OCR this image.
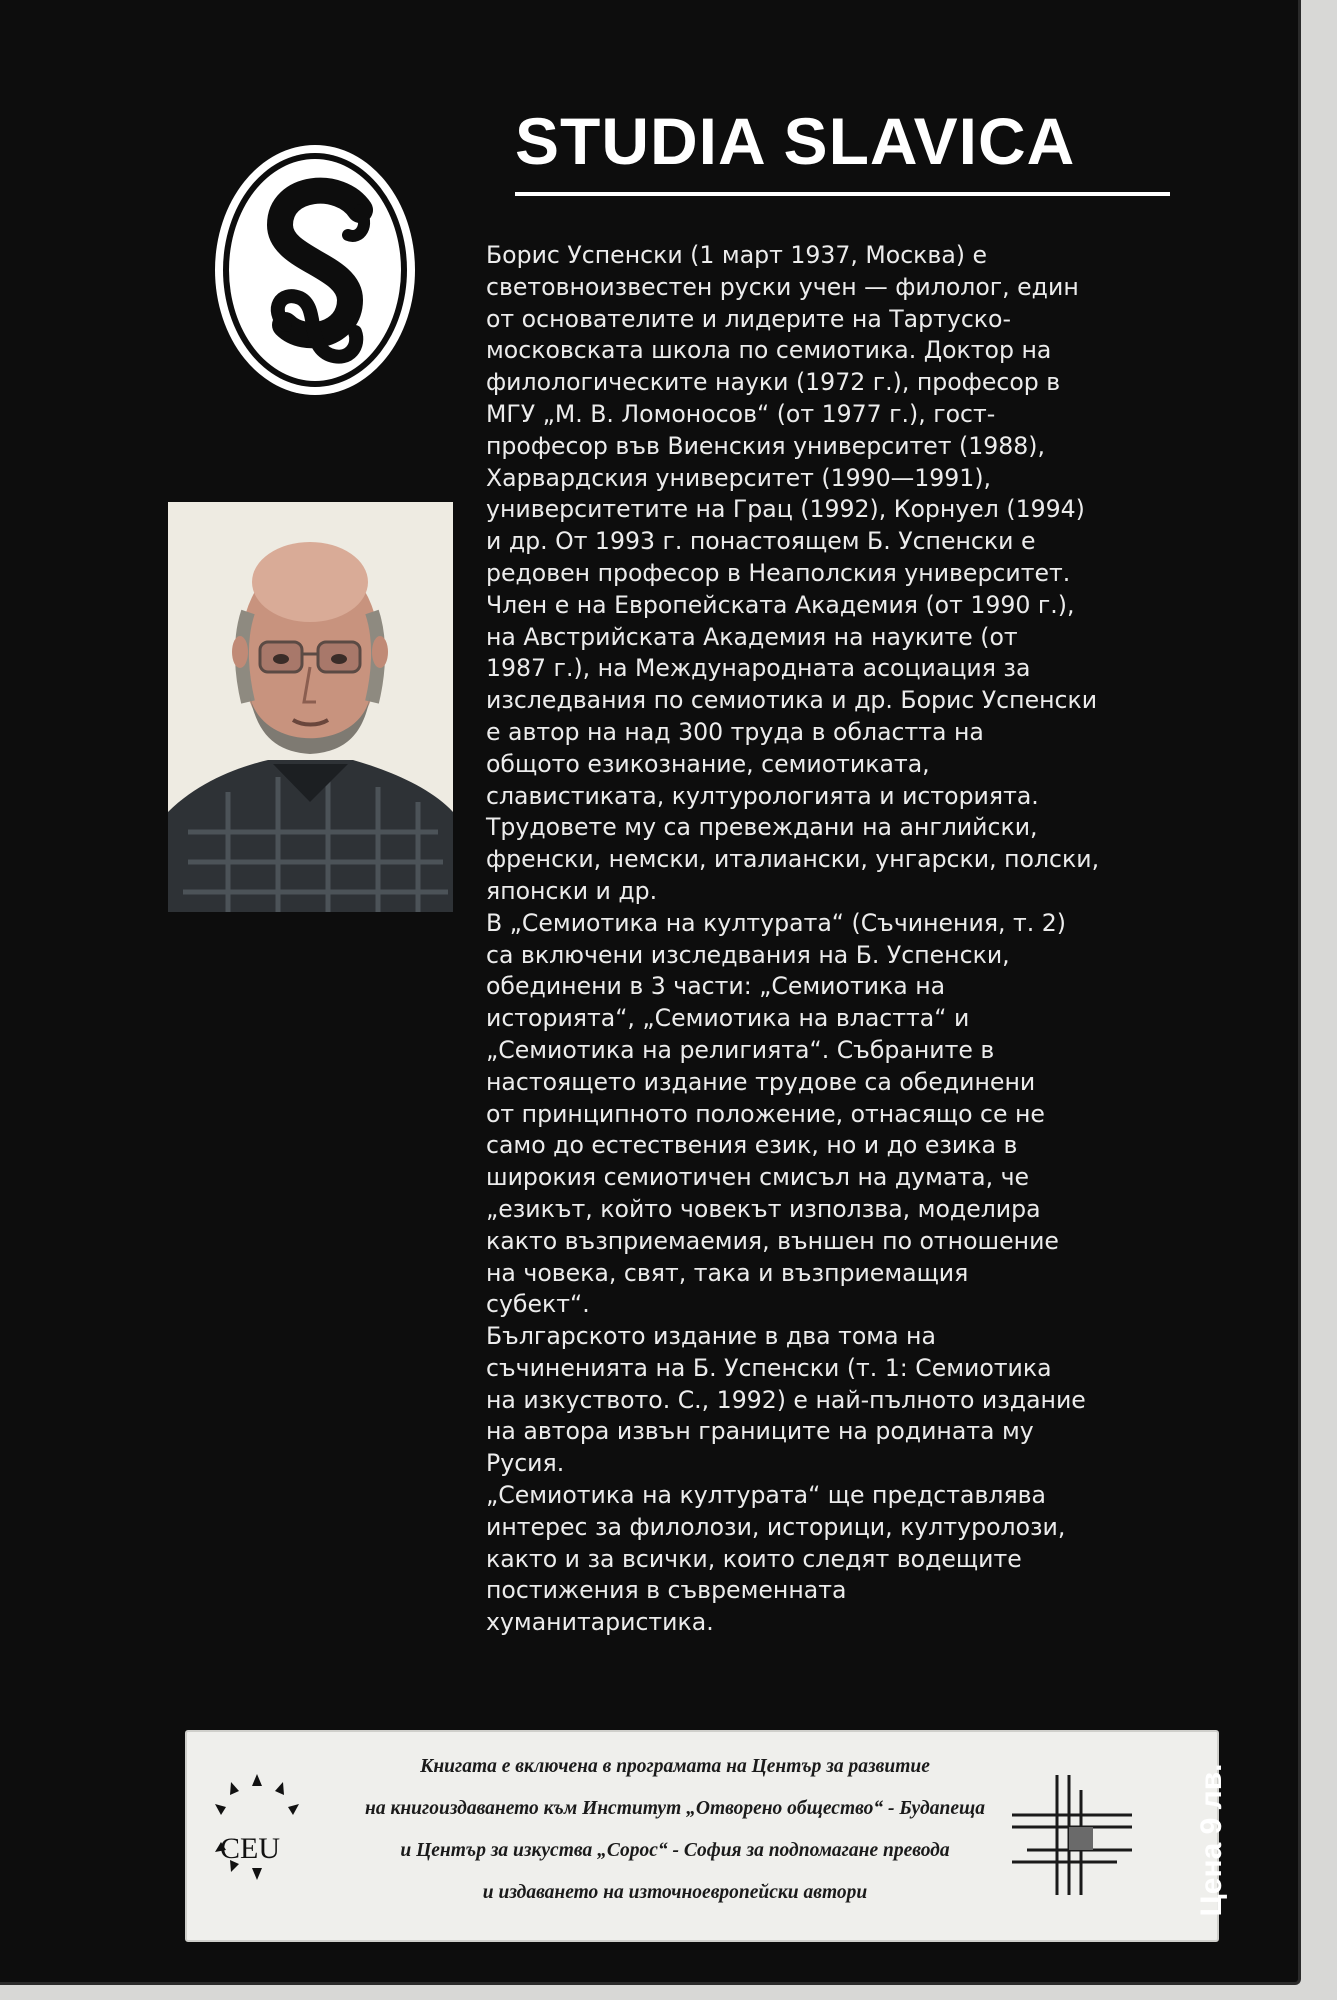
STUDIA SLAVICA

Борис Успенски (1 март 1937, Москва) е
световноизвестен руски учен — филолог, един
от основателите и лидерите на Тартуско-
московската школа по семиотика. Доктор на
филологическите науки (1972 г.), професор в
МГУ „М. В. Ломоносов“ (от 1977 г.), гост-
професор във Виенския университет (1988),
Харвардския университет (1990—1991),
университетите на Грац (1992), Корнуел (1994)
и др. От 1993 г. понастоящем Б. Успенски е
редовен професор в Неаполския университет.
Член е на Европейската Академия (от 1990 г.),
на Австрийската Академия на науките (от
1987 г.), на Международната асоциация за
изследвания по семиотика и др. Борис Успенски
е автор на над 300 труда в областта на
общото езикознание, семиотиката,
славистиката, културологията и историята.
Трудовете му са превеждани на английски,
френски, немски, италиански, унгарски, полски,
японски и др.
В „Семиотика на културата“ (Съчинения, т. 2)
са включени изследвания на Б. Успенски,
обединени в 3 части: „Семиотика на
историята“, „Семиотика на властта“ и
„Семиотика на религията“. Събраните в
настоящето издание трудове са обединени
от принципното положение, отнасящо се не
само до естествения език, но и до езика в
широкия семиотичен смисъл на думата, че
„езикът, който човекът използва, моделира
както възприемаемия, външен по отношение
на човека, свят, така и възприемащия
субект“.
Българското издание в два тома на
съчиненията на Б. Успенски (т. 1: Семиотика
на изкуството. С., 1992) е най-пълното издание
на автора извън границите на родината му
Русия.
„Семиотика на културата“ ще представлява
интерес за филолози, историци, културолози,
както и за всички, които следят водещите
постижения в съвременната
хуманитаристика.

CEU

Книгата е включена в програмата на Център за развитие
на книгоиздаването към Институт „Отворено общество“ - Будапеща
и Център за изкуства „Сорос“ - София за подпомагане превода
и издаването на източноевропейски автори	Цена 9 лв.
